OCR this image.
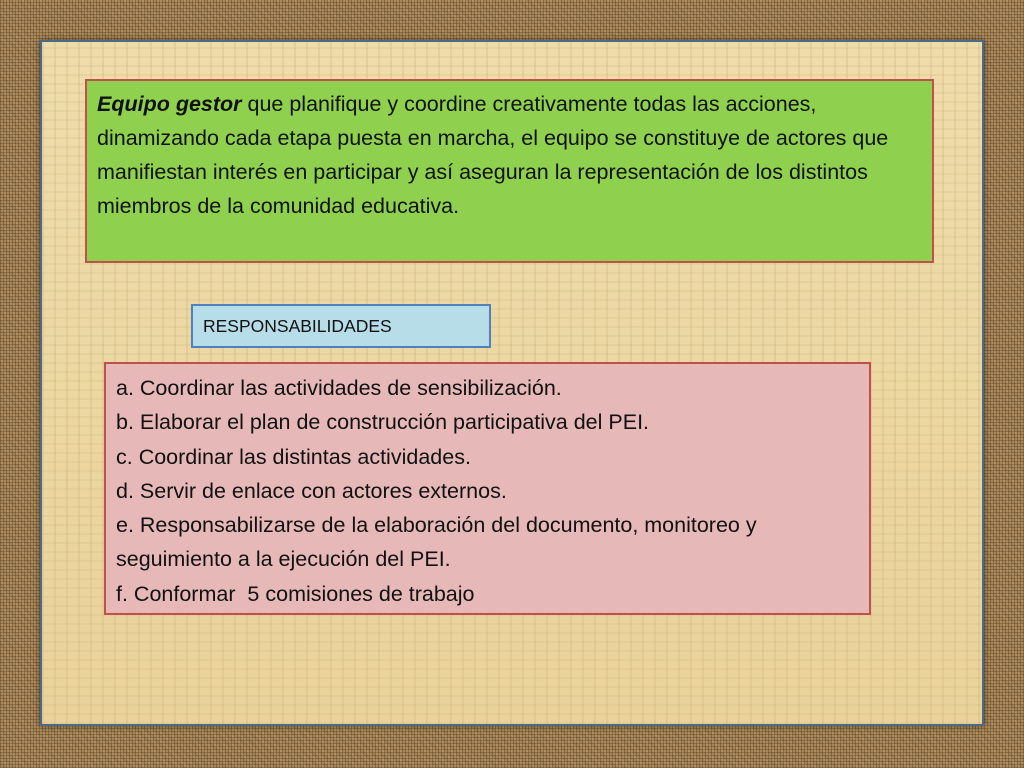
Equipo gestor que planifique y coordine creativamente todas las acciones, dinamizando cada etapa puesta en marcha, el equipo se constituye de actores que manifiestan interés en participar y así aseguran la representación de los distintos miembros de la comunidad educativa.
RESPONSABILIDADES
a. Coordinar las actividades de sensibilización.
b. Elaborar el plan de construcción participativa del PEI.
c. Coordinar las distintas actividades.
d. Servir de enlace con actores externos.
e. Responsabilizarse de la elaboración del documento, monitoreo y seguimiento a la ejecución del PEI.
f. Conformar  5 comisiones de trabajo
